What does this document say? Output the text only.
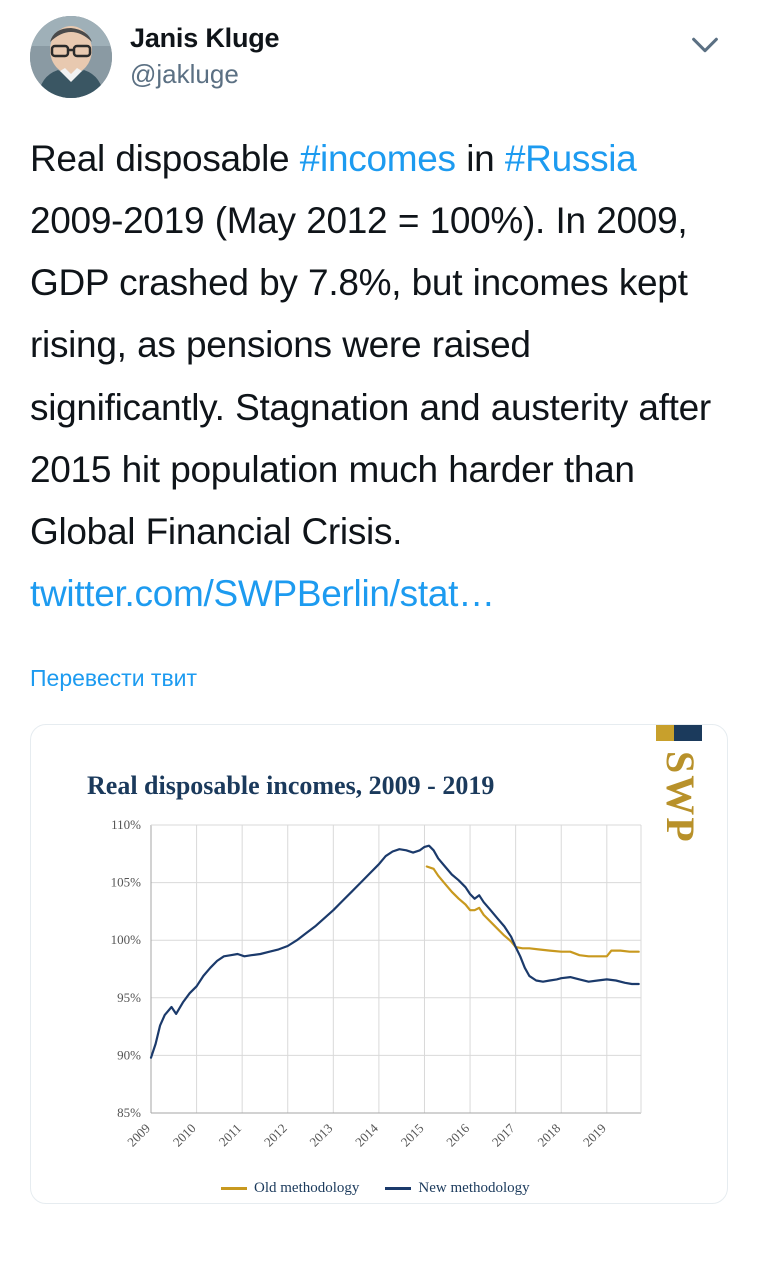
Janis Kluge
@jakluge
Real disposable #incomes in #Russia 2009-2019 (May 2012 = 100%). In 2009, GDP crashed by 7.8%, but incomes kept rising, as pensions were raised significantly. Stagnation and austerity after 2015 hit population much harder than Global Financial Crisis. twitter.com/SWPBerlin/stat…
Перевести твит
SWP
Real disposable incomes, 2009 - 2019
85%
90%
95%
100%
105%
110%
2009 2010 2011 2012 2013 2014 2015 2016 2017 2018 2019
Old methodology	New methodology
